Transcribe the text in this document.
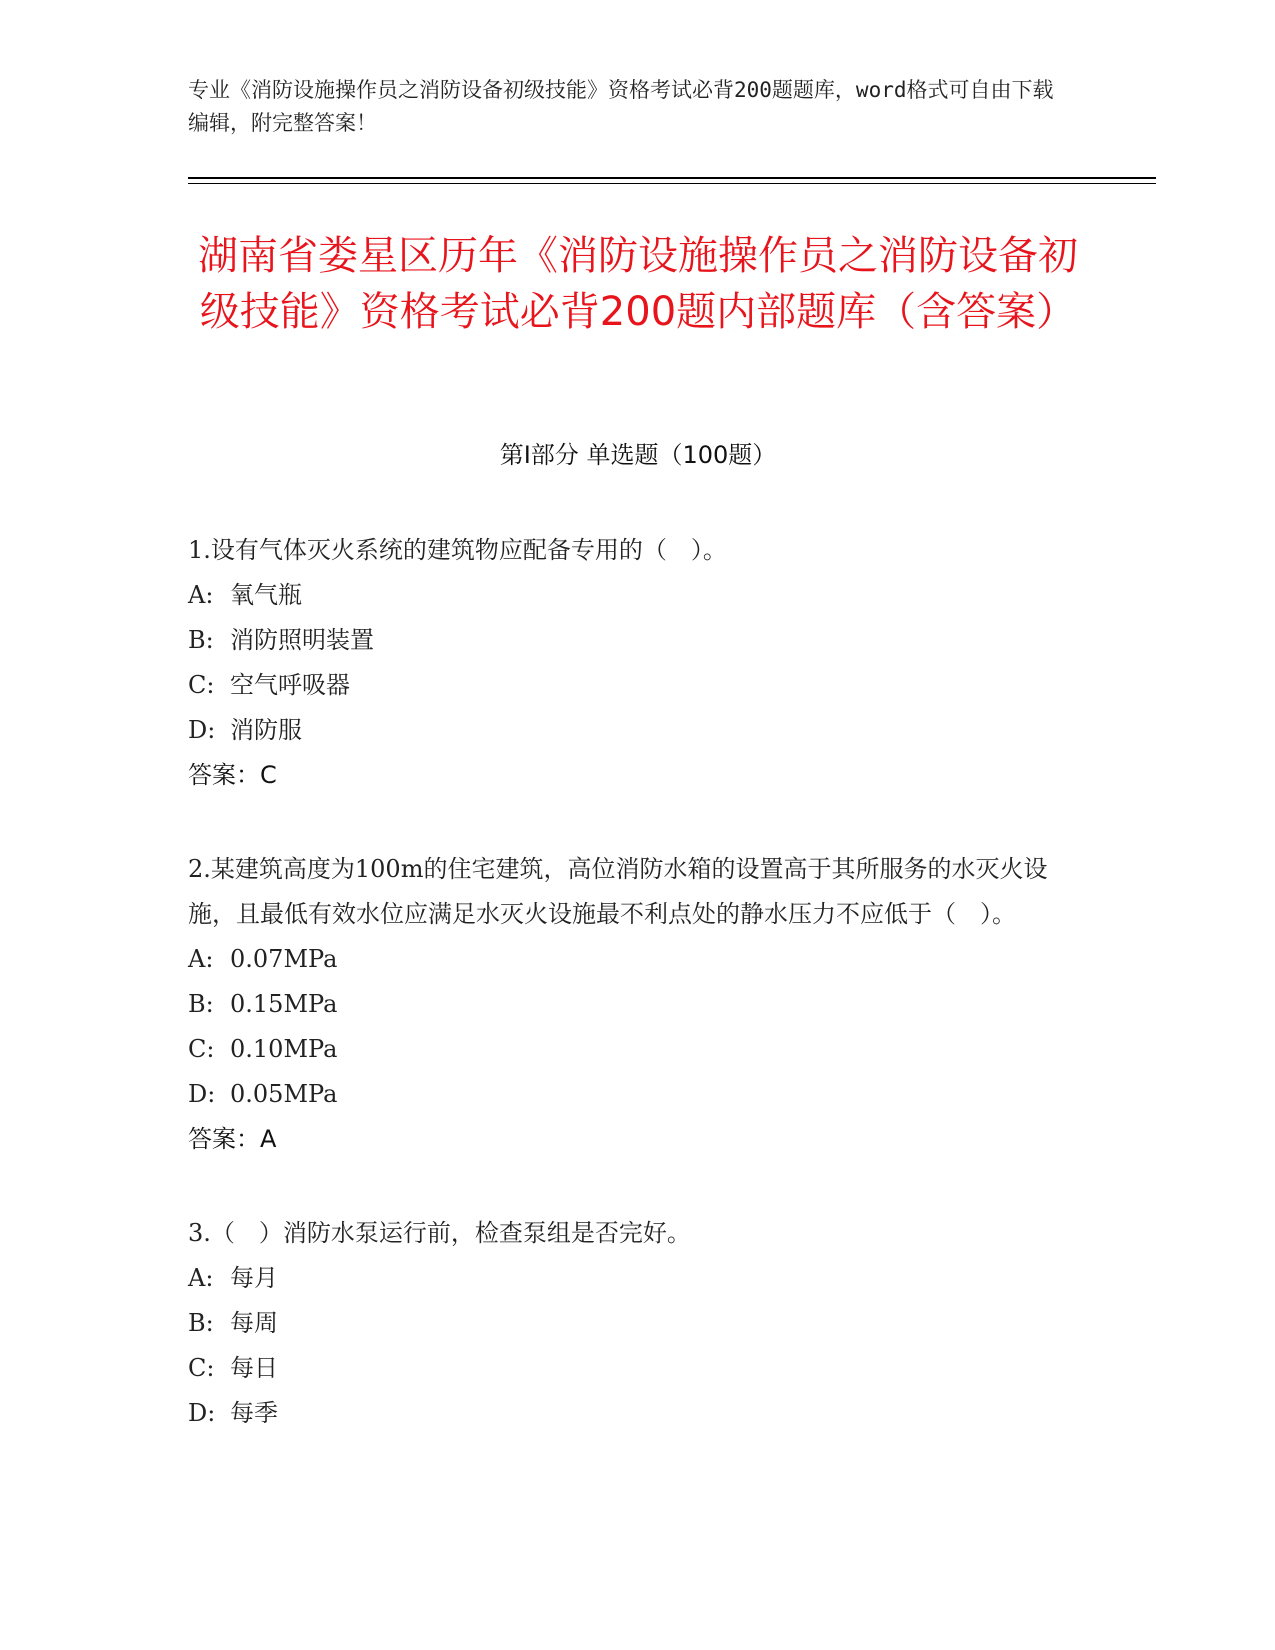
专业《消防设施操作员之消防设备初级技能》资格考试必背200题题库，word格式可自由下载编辑，附完整答案！
湖南省娄星区历年《消防设施操作员之消防设备初级技能》资格考试必背200题内部题库（含答案）
第Ⅰ部分 单选题（100题）
1.设有气体灭火系统的建筑物应配备专用的（　）。
A: 氧气瓶
B: 消防照明装置
C: 空气呼吸器
D: 消防服
答案：C
2.某建筑高度为100m的住宅建筑，高位消防水箱的设置高于其所服务的水灭火设施，且最低有效水位应满足水灭火设施最不利点处的静水压力不应低于（　）。
A: 0.07MPa
B: 0.15MPa
C: 0.10MPa
D: 0.05MPa
答案：A
3.（　）消防水泵运行前，检查泵组是否完好。
A: 每月
B: 每周
C: 每日
D: 每季
